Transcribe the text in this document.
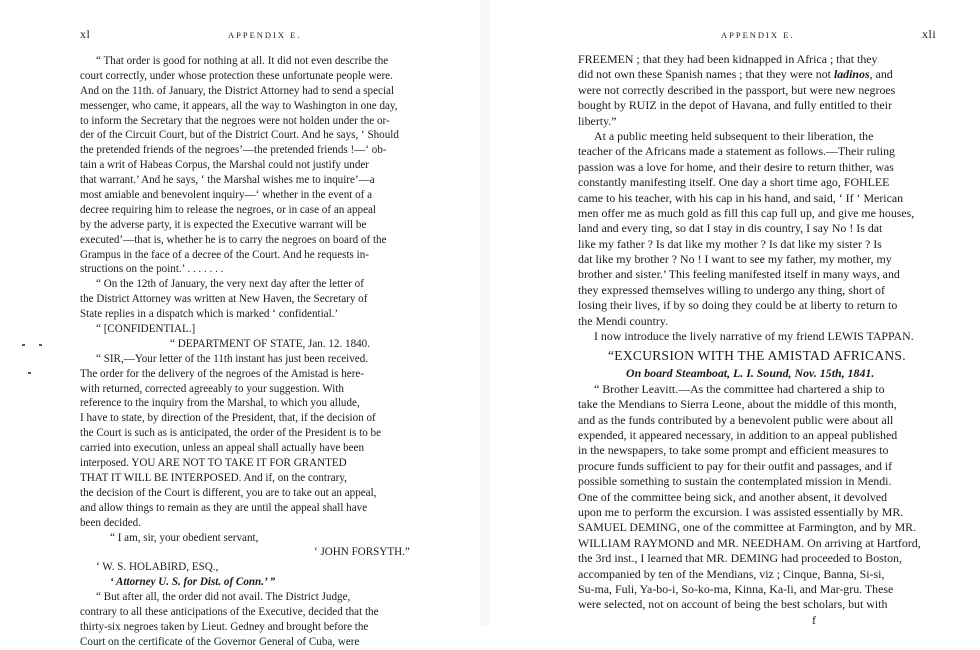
xl	APPENDIX E.
“ That order is good for nothing at all. It did not even describe the
court correctly, under whose protection these unfortunate people were.
And on the 11th. of January, the District Attorney had to send a special
messenger, who came, it appears, all the way to Washington in one day,
to inform the Secretary that the negroes were not holden under the or-
der of the Circuit Court, but of the District Court. And he says, ‘ Should
the pretended friends of the negroes’—the pretended friends !—‘ ob-
tain a writ of Habeas Corpus, the Marshal could not justify under
that warrant.’ And he says, ‘ the Marshal wishes me to inquire’—a
most amiable and benevolent inquiry—‘ whether in the event of a
decree requiring him to release the negroes, or in case of an appeal
by the adverse party, it is expected the Executive warrant will be
executed’—that is, whether he is to carry the negroes on board of the
Grampus in the face of a decree of the Court. And he requests in-
structions on the point.’ . . . . . . .
“ On the 12th of January, the very next day after the letter of
the District Attorney was written at New Haven, the Secretary of
State replies in a dispatch which is marked ‘ confidential.’
“ [CONFIDENTIAL.]
“ DEPARTMENT OF STATE, Jan. 12. 1840.
“ SIR,—Your letter of the 11th instant has just been received.
The order for the delivery of the negroes of the Amistad is here-
with returned, corrected agreeably to your suggestion. With
reference to the inquiry from the Marshal, to which you allude,
I have to state, by direction of the President, that, if the decision of
the Court is such as is anticipated, the order of the President is to be
carried into execution, unless an appeal shall actually have been
interposed. YOU ARE NOT TO TAKE IT FOR GRANTED
THAT IT WILL BE INTERPOSED. And if, on the contrary,
the decision of the Court is different, you are to take out an appeal,
and allow things to remain as they are until the appeal shall have
been decided.
“ I am, sir, your obedient servant,
‘ JOHN FORSYTH.”
‘ W. S. HOLABIRD, ESQ.,
‘ Attorney U. S. for Dist. of Conn.’ ”
“ But after all, the order did not avail. The District Judge,
contrary to all these anticipations of the Executive, decided that the
thirty-six negroes taken by Lieut. Gedney and brought before the
Court on the certificate of the Governor General of Cuba, were
APPENDIX E.	xli
FREEMEN ; that they had been kidnapped in Africa ; that they
did not own these Spanish names ; that they were not ladinos, and
were not correctly described in the passport, but were new negroes
bought by RUIZ in the depot of Havana, and fully entitled to their
liberty.”
At a public meeting held subsequent to their liberation, the
teacher of the Africans made a statement as follows.—Their ruling
passion was a love for home, and their desire to return thither, was
constantly manifesting itself. One day a short time ago, FOHLEE
came to his teacher, with his cap in his hand, and said, ‘ If ‘ Merican
men offer me as much gold as fill this cap full up, and give me houses,
land and every ting, so dat I stay in dis country, I say No ! Is dat
like my father ? Is dat like my mother ? Is dat like my sister ? Is
dat like my brother ? No ! I want to see my father, my mother, my
brother and sister.’ This feeling manifested itself in many ways, and
they expressed themselves willing to undergo any thing, short of
losing their lives, if by so doing they could be at liberty to return to
the Mendi country.
I now introduce the lively narrative of my friend LEWIS TAPPAN.
“EXCURSION WITH THE AMISTAD AFRICANS.
On board Steamboat, L. I. Sound, Nov. 15th, 1841.
“ Brother Leavitt.—As the committee had chartered a ship to
take the Mendians to Sierra Leone, about the middle of this month,
and as the funds contributed by a benevolent public were about all
expended, it appeared necessary, in addition to an appeal published
in the newspapers, to take some prompt and efficient measures to
procure funds sufficient to pay for their outfit and passages, and if
possible something to sustain the contemplated mission in Mendi.
One of the committee being sick, and another absent, it devolved
upon me to perform the excursion. I was assisted essentially by MR.
SAMUEL DEMING, one of the committee at Farmington, and by MR.
WILLIAM RAYMOND and MR. NEEDHAM. On arriving at Hartford,
the 3rd inst., I learned that MR. DEMING had proceeded to Boston,
accompanied by ten of the Mendians, viz ; Cinque, Banna, Si-si,
Su-ma, Fuli, Ya-bo-i, So-ko-ma, Kinna, Ka-li, and Mar-gru. These
were selected, not on account of being the best scholars, but with
f
